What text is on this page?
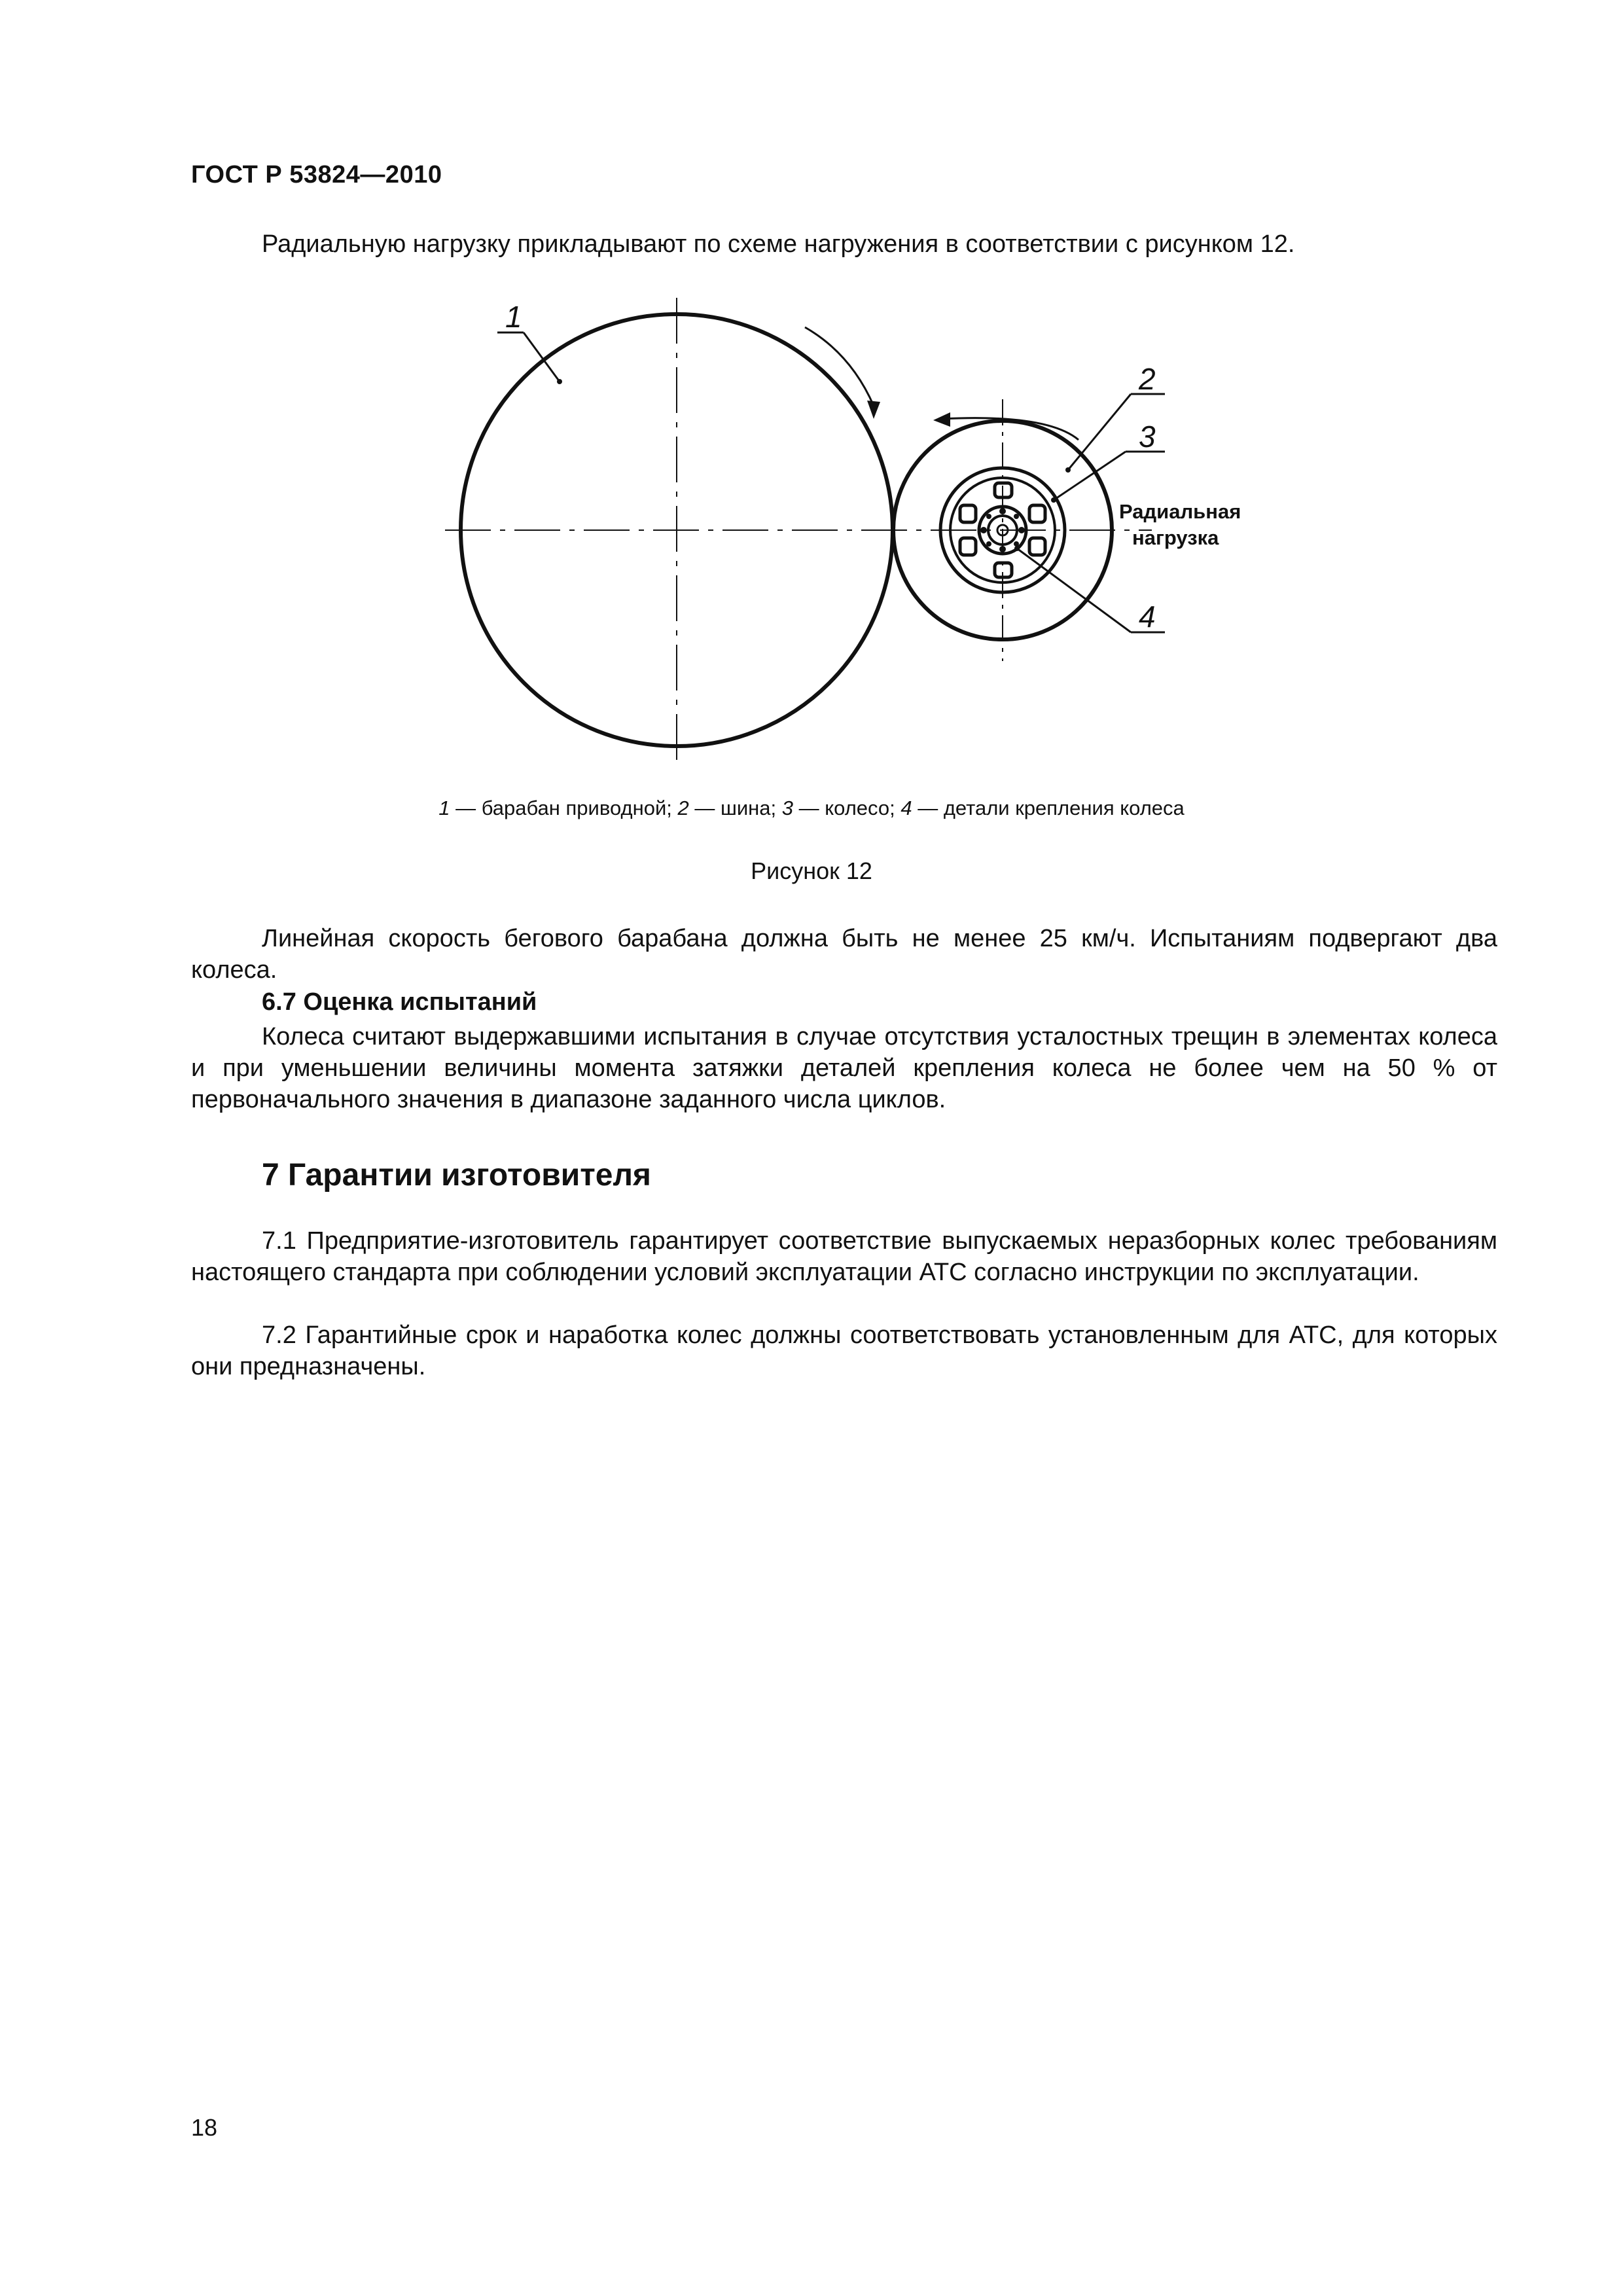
ГОСТ Р 53824—2010
Радиальную нагрузку прикладывают по схеме нагружения в соответствии с рисунком 12.
1
2
3
4
Радиальная
нагрузка
1 — барабан приводной; 2 — шина; 3 — колесо; 4 — детали крепления колеса
Рисунок 12
Линейная скорость бегового барабана должна быть не менее 25 км/ч. Испытаниям подвергают два колеса.
6.7 Оценка испытаний
Колеса считают выдержавшими испытания в случае отсутствия усталостных трещин в элементах колеса и при уменьшении величины момента затяжки деталей крепления колеса не более чем на 50 % от первоначального значения в диапазоне заданного числа циклов.
7 Гарантии изготовителя
7.1 Предприятие-изготовитель гарантирует соответствие выпускаемых неразборных колес требованиям настоящего стандарта при соблюдении условий эксплуатации АТС согласно инструкции по эксплуатации.
7.2 Гарантийные срок и наработка колес должны соответствовать установленным для АТС, для которых они предназначены.
18
